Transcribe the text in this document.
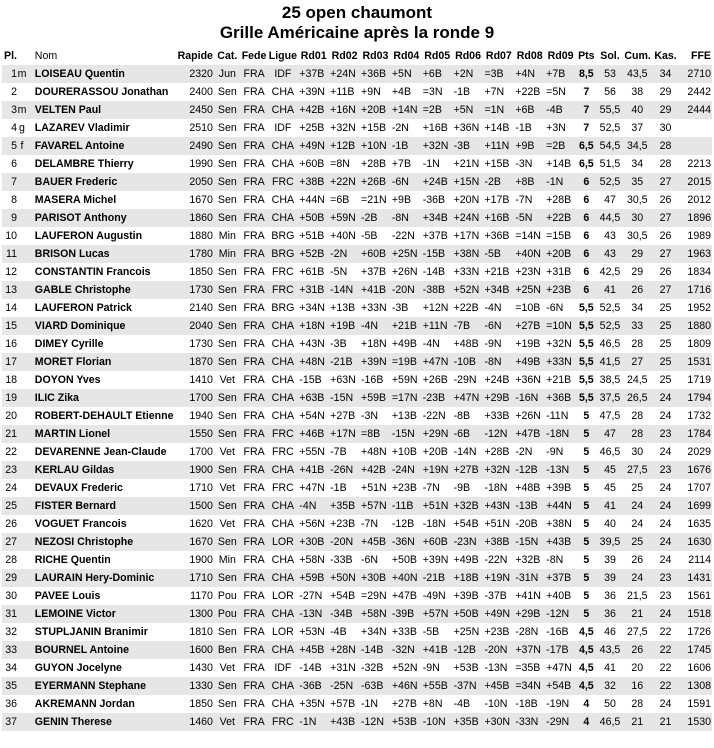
25 open chaumont
Grille Américaine après la ronde 9
Pl.	Nom	Rapide	Cat.	Fede	Ligue	Rd01	Rd02	Rd03	Rd04	Rd05	Rd06	Rd07	Rd08	Rd09	Pts	Sol.	Cum.	Kas.	FFE
1m	LOISEAU Quentin	2320	Jun	FRA	IDF	+37B	+24N	+36B	+5N	+6B	+2N	=3B	+4N	+7B	8,5	53	43,5	34	2710
2	DOURERASSOU Jonathan	2400	Sen	FRA	CHA	+39N	+11B	+9N	+4B	=3N	-1B	+7N	+22B	=5N	7	56	38	29	2442
3m	VELTEN Paul	2450	Sen	FRA	CHA	+42B	+16N	+20B	+14N	=2B	+5N	=1N	+6B	-4B	7	55,5	40	29	2444
4 g	LAZAREV Vladimir	2510	Sen	FRA	IDF	+25B	+32N	+15B	-2N	+16B	+36N	+14B	-1B	+3N	7	52,5	37	30	
5 f	FAVAREL Antoine	2490	Sen	FRA	CHA	+49N	+12B	+10N	-1B	+32N	-3B	+11N	+9B	=2B	6,5	54,5	34,5	28	
6	DELAMBRE Thierry	1990	Sen	FRA	CHA	+60B	=8N	+28B	+7B	-1N	+21N	+15B	-3N	+14B	6,5	51,5	34	28	2213
7	BAUER Frederic	2050	Sen	FRA	FRC	+38B	+22N	+26B	-6N	+24B	+15N	-2B	+8B	-1N	6	52,5	35	27	2015
8	MASERA Michel	1670	Sen	FRA	CHA	+44N	=6B	=21N	+9B	-36B	+20N	+17B	-7N	+28B	6	47	30,5	26	2012
9	PARISOT Anthony	1860	Sen	FRA	CHA	+50B	+59N	-2B	-8N	+34B	+24N	+16B	-5N	+22B	6	44,5	30	27	1896
10	LAUFERON Augustin	1880	Min	FRA	BRG	+51B	+40N	-5B	-22N	+37B	+17N	+36B	=14N	=15B	6	43	30,5	26	1989
11	BRISON Lucas	1780	Min	FRA	BRG	+52B	-2N	+60B	+25N	-15B	+38N	-5B	+40N	+20B	6	43	29	27	1963
12	CONSTANTIN Francois	1850	Sen	FRA	FRC	+61B	-5N	+37B	+26N	-14B	+33N	+21B	+23N	+31B	6	42,5	29	26	1834
13	GABLE Christophe	1730	Sen	FRA	FRC	+31B	-14N	+41B	-20N	-38B	+52N	+34B	+25N	+23B	6	41	26	27	1716
14	LAUFERON Patrick	2140	Sen	FRA	BRG	+34N	+13B	+33N	-3B	+12N	+22B	-4N	=10B	-6N	5,5	52,5	34	25	1952
15	VIARD Dominique	2040	Sen	FRA	CHA	+18N	+19B	-4N	+21B	+11N	-7B	-6N	+27B	=10N	5,5	52,5	33	25	1880
16	DIMEY Cyrille	1730	Sen	FRA	CHA	+43N	-3B	+18N	+49B	-4N	+48B	-9N	+19B	+32N	5,5	46,5	28	25	1809
17	MORET Florian	1870	Sen	FRA	CHA	+48N	-21B	+39N	=19B	+47N	-10B	-8N	+49B	+33N	5,5	41,5	27	25	1531
18	DOYON Yves	1410	Vet	FRA	CHA	-15B	+63N	-16B	+59N	+26B	-29N	+24B	+36N	+21B	5,5	38,5	24,5	25	1719
19	ILIC Zika	1700	Sen	FRA	CHA	+63B	-15N	+59B	=17N	-23B	+47N	+29B	-16N	+36B	5,5	37,5	26,5	24	1794
20	ROBERT-DEHAULT Etienne	1940	Sen	FRA	CHA	+54N	+27B	-3N	+13B	-22N	-8B	+33B	+26N	-11N	5	47,5	28	24	1732
21	MARTIN Lionel	1550	Sen	FRA	FRC	+46B	+17N	=8B	-15N	+29N	-6B	-12N	+47B	-18N	5	47	28	23	1784
22	DEVARENNE Jean-Claude	1700	Vet	FRA	FRC	+55N	-7B	+48N	+10B	+20B	-14N	+28B	-2N	-9N	5	46,5	30	24	2029
23	KERLAU Gildas	1900	Sen	FRA	CHA	+41B	-26N	+42B	-24N	+19N	+27B	+32N	-12B	-13N	5	45	27,5	23	1676
24	DEVAUX Frederic	1710	Vet	FRA	FRC	+47N	-1B	+51N	+23B	-7N	-9B	-18N	+48B	+39B	5	45	25	24	1707
25	FISTER Bernard	1500	Sen	FRA	CHA	-4N	+35B	+57N	-11B	+51N	+32B	+43N	-13B	+44N	5	41	24	24	1699
26	VOGUET Francois	1620	Vet	FRA	CHA	+56N	+23B	-7N	-12B	-18N	+54B	+51N	-20B	+38N	5	40	24	24	1635
27	NEZOSI Christophe	1670	Sen	FRA	LOR	+30B	-20N	+45B	-36N	+60B	-23N	+38B	-15N	+43B	5	39,5	25	24	1630
28	RICHE Quentin	1900	Min	FRA	CHA	+58N	-33B	-6N	+50B	+39N	+49B	-22N	+32B	-8N	5	39	26	24	2114
29	LAURAIN Hery-Dominic	1710	Sen	FRA	CHA	+59B	+50N	+30B	+40N	-21B	+18B	+19N	-31N	+37B	5	39	24	23	1431
30	PAVEE Louis	1170	Pou	FRA	LOR	-27N	+54B	=29N	+47B	-49N	+39B	-37B	+41N	+40B	5	36	21,5	23	1561
31	LEMOINE Victor	1300	Pou	FRA	CHA	-13N	-34B	+58N	-39B	+57N	+50B	+49N	+29B	-12N	5	36	21	24	1518
32	STUPLJANIN Branimir	1810	Sen	FRA	LOR	+53N	-4B	+34N	+33B	-5B	+25N	+23B	-28N	-16B	4,5	46	27,5	22	1726
33	BOURNEL Antoine	1600	Ben	FRA	CHA	+45B	+28N	-14B	-32N	+41B	-12B	-20N	+37N	-17B	4,5	43,5	26	22	1745
34	GUYON Jocelyne	1430	Vet	FRA	IDF	-14B	+31N	-32B	+52N	-9N	+53B	-13N	=35B	+47N	4,5	41	20	22	1606
35	EYERMANN Stephane	1330	Sen	FRA	CHA	-36B	-25N	-63B	+46N	+55B	-37N	+45B	=34N	+54B	4,5	32	16	22	1308
36	AKREMANN Jordan	1850	Sen	FRA	CHA	+35N	+57B	-1N	+27B	+8N	-4B	-10N	-18B	-19N	4	50	28	24	1591
37	GENIN Therese	1460	Vet	FRA	FRC	-1N	+43B	-12N	+53B	-10N	+35B	+30N	-33N	-29N	4	46,5	21	21	1530
